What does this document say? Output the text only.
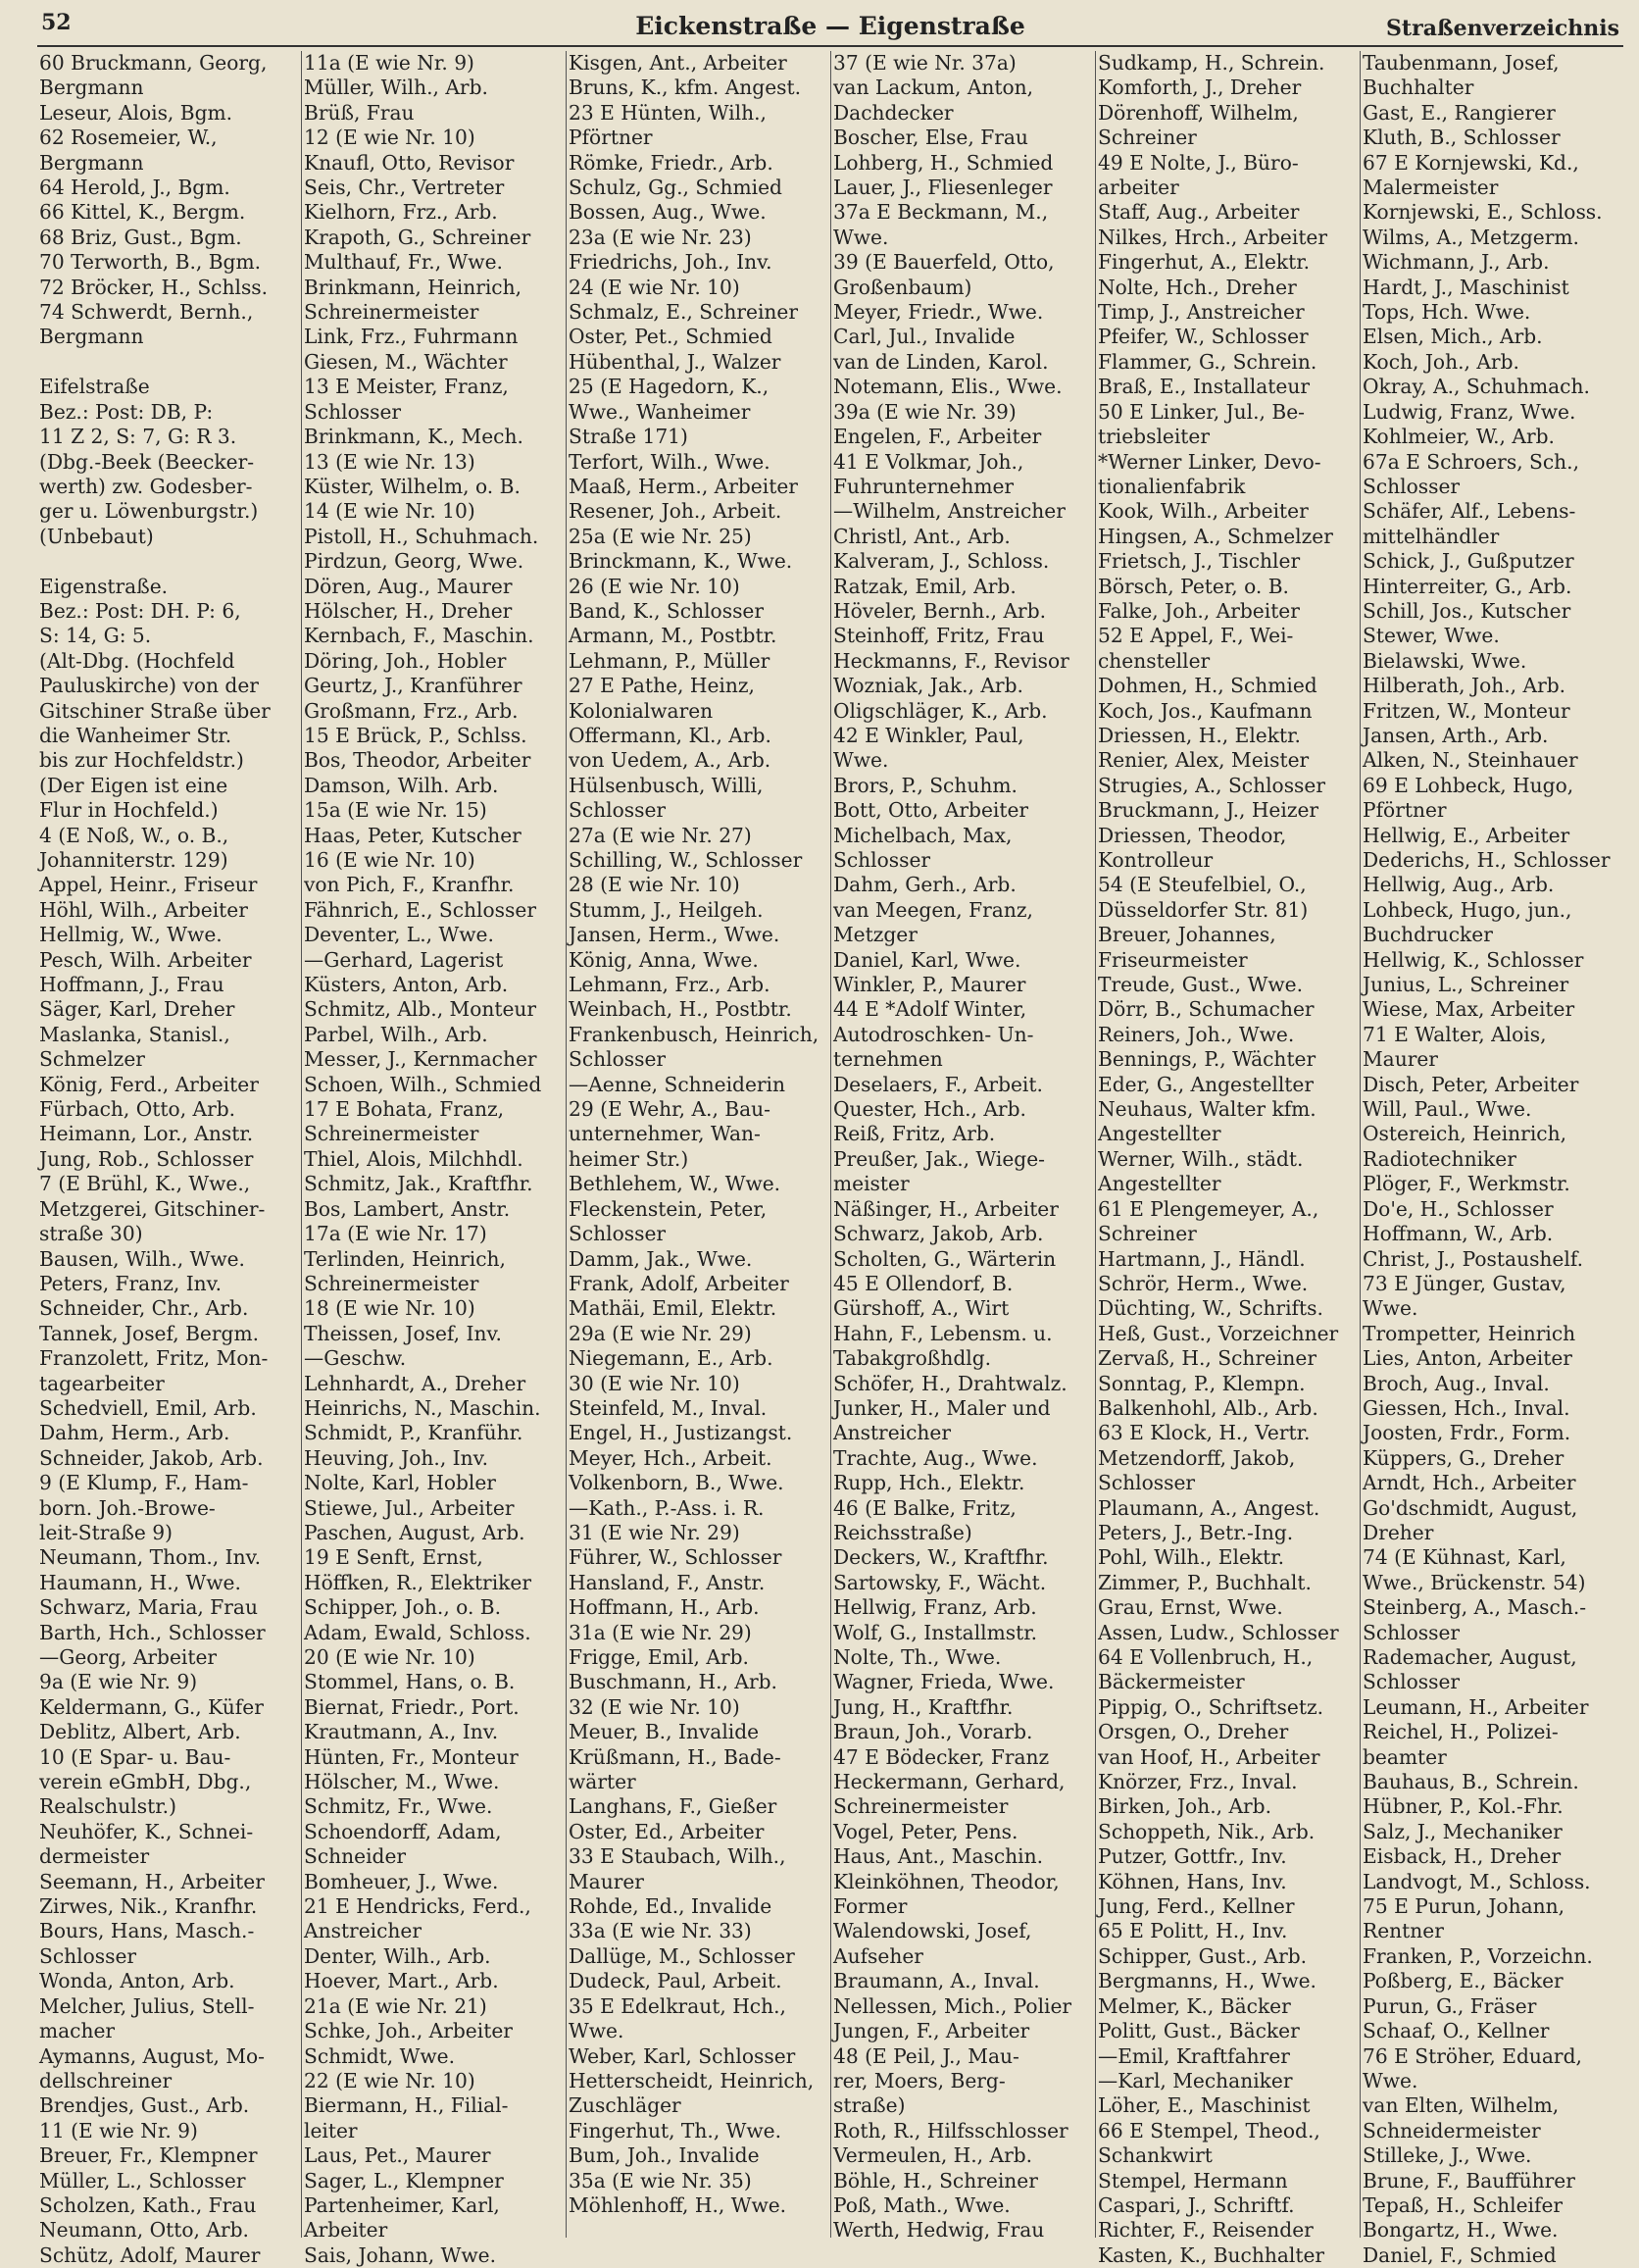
52	Eickenstraße — Eigenstraße	Straßenverzeichnis
60 Bruckmann, Georg,
Bergmann
Leseur, Alois, Bgm.
62 Rosemeier, W.,
Bergmann
64 Herold, J., Bgm.
66 Kittel, K., Bergm.
68 Briz, Gust., Bgm.
70 Terworth, B., Bgm.
72 Bröcker, H., Schlss.
74 Schwerdt, Bernh.,
Bergmann

Eifelstraße
Bez.: Post: DB, P:
11 Z 2, S: 7, G: R 3.
(Dbg.-Beek (Beecker-
werth) zw. Godesber-
ger u. Löwenburgstr.)
(Unbebaut)

Eigenstraße.
Bez.: Post: DH. P: 6,
S: 14, G: 5.
(Alt-Dbg. (Hochfeld
Pauluskirche) von der
Gitschiner Straße über
die Wanheimer Str.
bis zur Hochfeldstr.)
(Der Eigen ist eine
Flur in Hochfeld.)
4 (E Noß, W., o. B.,
Johanniterstr. 129)
Appel, Heinr., Friseur
Höhl, Wilh., Arbeiter
Hellmig, W., Wwe.
Pesch, Wilh. Arbeiter
Hoffmann, J., Frau
Säger, Karl, Dreher
Maslanka, Stanisl.,
Schmelzer
König, Ferd., Arbeiter
Fürbach, Otto, Arb.
Heimann, Lor., Anstr.
Jung, Rob., Schlosser
7 (E Brühl, K., Wwe.,
Metzgerei, Gitschiner-
straße 30)
Bausen, Wilh., Wwe.
Peters, Franz, Inv.
Schneider, Chr., Arb.
Tannek, Josef, Bergm.
Franzolett, Fritz, Mon-
tagearbeiter
Schedviell, Emil, Arb.
Dahm, Herm., Arb.
Schneider, Jakob, Arb.
9 (E Klump, F., Ham-
born. Joh.-Browe-
leit-Straße 9)
Neumann, Thom., Inv.
Haumann, H., Wwe.
Schwarz, Maria, Frau
Barth, Hch., Schlosser
—Georg, Arbeiter
9a (E wie Nr. 9)
Keldermann, G., Küfer
Deblitz, Albert, Arb.
10 (E Spar- u. Bau-
verein eGmbH, Dbg.,
Realschulstr.)
Neuhöfer, K., Schnei-
dermeister
Seemann, H., Arbeiter
Zirwes, Nik., Kranfhr.
Bours, Hans, Masch.-
Schlosser
Wonda, Anton, Arb.
Melcher, Julius, Stell-
macher
Aymanns, August, Mo-
dellschreiner
Brendjes, Gust., Arb.
11 (E wie Nr. 9)
Breuer, Fr., Klempner
Müller, L., Schlosser
Scholzen, Kath., Frau
Neumann, Otto, Arb.
Schütz, Adolf, Maurer
11a (E wie Nr. 9)
Müller, Wilh., Arb.
Brüß, Frau
12 (E wie Nr. 10)
Knaufl, Otto, Revisor
Seis, Chr., Vertreter
Kielhorn, Frz., Arb.
Krapoth, G., Schreiner
Multhauf, Fr., Wwe.
Brinkmann, Heinrich,
Schreinermeister
Link, Frz., Fuhrmann
Giesen, M., Wächter
13 E Meister, Franz,
Schlosser
Brinkmann, K., Mech.
13 (E wie Nr. 13)
Küster, Wilhelm, o. B.
14 (E wie Nr. 10)
Pistoll, H., Schuhmach.
Pirdzun, Georg, Wwe.
Dören, Aug., Maurer
Hölscher, H., Dreher
Kernbach, F., Maschin.
Döring, Joh., Hobler
Geurtz, J., Kranführer
Großmann, Frz., Arb.
15 E Brück, P., Schlss.
Bos, Theodor, Arbeiter
Damson, Wilh. Arb.
15a (E wie Nr. 15)
Haas, Peter, Kutscher
16 (E wie Nr. 10)
von Pich, F., Kranfhr.
Fähnrich, E., Schlosser
Deventer, L., Wwe.
—Gerhard, Lagerist
Küsters, Anton, Arb.
Schmitz, Alb., Monteur
Parbel, Wilh., Arb.
Messer, J., Kernmacher
Schoen, Wilh., Schmied
17 E Bohata, Franz,
Schreinermeister
Thiel, Alois, Milchhdl.
Schmitz, Jak., Kraftfhr.
Bos, Lambert, Anstr.
17a (E wie Nr. 17)
Terlinden, Heinrich,
Schreinermeister
18 (E wie Nr. 10)
Theissen, Josef, Inv.
—Geschw.
Lehnhardt, A., Dreher
Heinrichs, N., Maschin.
Schmidt, P., Kranführ.
Heuving, Joh., Inv.
Nolte, Karl, Hobler
Stiewe, Jul., Arbeiter
Paschen, August, Arb.
19 E Senft, Ernst,
Höffken, R., Elektriker
Schipper, Joh., o. B.
Adam, Ewald, Schloss.
20 (E wie Nr. 10)
Stommel, Hans, o. B.
Biernat, Friedr., Port.
Krautmann, A., Inv.
Hünten, Fr., Monteur
Hölscher, M., Wwe.
Schmitz, Fr., Wwe.
Schoendorff, Adam,
Schneider
Bomheuer, J., Wwe.
21 E Hendricks, Ferd.,
Anstreicher
Denter, Wilh., Arb.
Hoever, Mart., Arb.
21a (E wie Nr. 21)
Schke, Joh., Arbeiter
Schmidt, Wwe.
22 (E wie Nr. 10)
Biermann, H., Filial-
leiter
Laus, Pet., Maurer
Sager, L., Klempner
Partenheimer, Karl,
Arbeiter
Sais, Johann, Wwe.
Kisgen, Ant., Arbeiter
Bruns, K., kfm. Angest.
23 E Hünten, Wilh.,
Pförtner
Römke, Friedr., Arb.
Schulz, Gg., Schmied
Bossen, Aug., Wwe.
23a (E wie Nr. 23)
Friedrichs, Joh., Inv.
24 (E wie Nr. 10)
Schmalz, E., Schreiner
Oster, Pet., Schmied
Hübenthal, J., Walzer
25 (E Hagedorn, K.,
Wwe., Wanheimer
Straße 171)
Terfort, Wilh., Wwe.
Maaß, Herm., Arbeiter
Resener, Joh., Arbeit.
25a (E wie Nr. 25)
Brinckmann, K., Wwe.
26 (E wie Nr. 10)
Band, K., Schlosser
Armann, M., Postbtr.
Lehmann, P., Müller
27 E Pathe, Heinz,
Kolonialwaren
Offermann, Kl., Arb.
von Uedem, A., Arb.
Hülsenbusch, Willi,
Schlosser
27a (E wie Nr. 27)
Schilling, W., Schlosser
28 (E wie Nr. 10)
Stumm, J., Heilgeh.
Jansen, Herm., Wwe.
König, Anna, Wwe.
Lehmann, Frz., Arb.
Weinbach, H., Postbtr.
Frankenbusch, Heinrich,
Schlosser
—Aenne, Schneiderin
29 (E Wehr, A., Bau-
unternehmer, Wan-
heimer Str.)
Bethlehem, W., Wwe.
Fleckenstein, Peter,
Schlosser
Damm, Jak., Wwe.
Frank, Adolf, Arbeiter
Mathäi, Emil, Elektr.
29a (E wie Nr. 29)
Niegemann, E., Arb.
30 (E wie Nr. 10)
Steinfeld, M., Inval.
Engel, H., Justizangst.
Meyer, Hch., Arbeit.
Volkenborn, B., Wwe.
—Kath., P.-Ass. i. R.
31 (E wie Nr. 29)
Führer, W., Schlosser
Hansland, F., Anstr.
Hoffmann, H., Arb.
31a (E wie Nr. 29)
Frigge, Emil, Arb.
Buschmann, H., Arb.
32 (E wie Nr. 10)
Meuer, B., Invalide
Krüßmann, H., Bade-
wärter
Langhans, F., Gießer
Oster, Ed., Arbeiter
33 E Staubach, Wilh.,
Maurer
Rohde, Ed., Invalide
33a (E wie Nr. 33)
Dallüge, M., Schlosser
Dudeck, Paul, Arbeit.
35 E Edelkraut, Hch.,
Wwe.
Weber, Karl, Schlosser
Hetterscheidt, Heinrich,
Zuschläger
Fingerhut, Th., Wwe.
Bum, Joh., Invalide
35a (E wie Nr. 35)
Möhlenhoff, H., Wwe.
37 (E wie Nr. 37a)
van Lackum, Anton,
Dachdecker
Boscher, Else, Frau
Lohberg, H., Schmied
Lauer, J., Fliesenleger
37a E Beckmann, M.,
Wwe.
39 (E Bauerfeld, Otto,
Großenbaum)
Meyer, Friedr., Wwe.
Carl, Jul., Invalide
van de Linden, Karol.
Notemann, Elis., Wwe.
39a (E wie Nr. 39)
Engelen, F., Arbeiter
41 E Volkmar, Joh.,
Fuhrunternehmer
—Wilhelm, Anstreicher
Christl, Ant., Arb.
Kalveram, J., Schloss.
Ratzak, Emil, Arb.
Höveler, Bernh., Arb.
Steinhoff, Fritz, Frau
Heckmanns, F., Revisor
Wozniak, Jak., Arb.
Oligschläger, K., Arb.
42 E Winkler, Paul,
Wwe.
Brors, P., Schuhm.
Bott, Otto, Arbeiter
Michelbach, Max,
Schlosser
Dahm, Gerh., Arb.
van Meegen, Franz,
Metzger
Daniel, Karl, Wwe.
Winkler, P., Maurer
44 E *Adolf Winter,
Autodroschken- Un-
ternehmen
Deselaers, F., Arbeit.
Quester, Hch., Arb.
Reiß, Fritz, Arb.
Preußer, Jak., Wiege-
meister
Näßinger, H., Arbeiter
Schwarz, Jakob, Arb.
Scholten, G., Wärterin
45 E Ollendorf, B.
Gürshoff, A., Wirt
Hahn, F., Lebensm. u.
Tabakgroßhdlg.
Schöfer, H., Drahtwalz.
Junker, H., Maler und
Anstreicher
Trachte, Aug., Wwe.
Rupp, Hch., Elektr.
46 (E Balke, Fritz,
Reichsstraße)
Deckers, W., Kraftfhr.
Sartowsky, F., Wächt.
Hellwig, Franz, Arb.
Wolf, G., Installmstr.
Nolte, Th., Wwe.
Wagner, Frieda, Wwe.
Jung, H., Kraftfhr.
Braun, Joh., Vorarb.
47 E Bödecker, Franz
Heckermann, Gerhard,
Schreinermeister
Vogel, Peter, Pens.
Haus, Ant., Maschin.
Kleinköhnen, Theodor,
Former
Walendowski, Josef,
Aufseher
Braumann, A., Inval.
Nellessen, Mich., Polier
Jungen, F., Arbeiter
48 (E Peil, J., Mau-
rer, Moers, Berg-
straße)
Roth, R., Hilfsschlosser
Vermeulen, H., Arb.
Böhle, H., Schreiner
Poß, Math., Wwe.
Werth, Hedwig, Frau
Sudkamp, H., Schrein.
Komforth, J., Dreher
Dörenhoff, Wilhelm,
Schreiner
49 E Nolte, J., Büro-
arbeiter
Staff, Aug., Arbeiter
Nilkes, Hrch., Arbeiter
Fingerhut, A., Elektr.
Nolte, Hch., Dreher
Timp, J., Anstreicher
Pfeifer, W., Schlosser
Flammer, G., Schrein.
Braß, E., Installateur
50 E Linker, Jul., Be-
triebsleiter
*Werner Linker, Devo-
tionalienfabrik
Kook, Wilh., Arbeiter
Hingsen, A., Schmelzer
Frietsch, J., Tischler
Börsch, Peter, o. B.
Falke, Joh., Arbeiter
52 E Appel, F., Wei-
chensteller
Dohmen, H., Schmied
Koch, Jos., Kaufmann
Driessen, H., Elektr.
Renier, Alex, Meister
Strugies, A., Schlosser
Bruckmann, J., Heizer
Driessen, Theodor,
Kontrolleur
54 (E Steufelbiel, O.,
Düsseldorfer Str. 81)
Breuer, Johannes,
Friseurmeister
Treude, Gust., Wwe.
Dörr, B., Schumacher
Reiners, Joh., Wwe.
Bennings, P., Wächter
Eder, G., Angestellter
Neuhaus, Walter kfm.
Angestellter
Werner, Wilh., städt.
Angestellter
61 E Plengemeyer, A.,
Schreiner
Hartmann, J., Händl.
Schrör, Herm., Wwe.
Düchting, W., Schrifts.
Heß, Gust., Vorzeichner
Zervaß, H., Schreiner
Sonntag, P., Klempn.
Balkenhohl, Alb., Arb.
63 E Klock, H., Vertr.
Metzendorff, Jakob,
Schlosser
Plaumann, A., Angest.
Peters, J., Betr.-Ing.
Pohl, Wilh., Elektr.
Zimmer, P., Buchhalt.
Grau, Ernst, Wwe.
Assen, Ludw., Schlosser
64 E Vollenbruch, H.,
Bäckermeister
Pippig, O., Schriftsetz.
Orsgen, O., Dreher
van Hoof, H., Arbeiter
Knörzer, Frz., Inval.
Birken, Joh., Arb.
Schoppeth, Nik., Arb.
Putzer, Gottfr., Inv.
Köhnen, Hans, Inv.
Jung, Ferd., Kellner
65 E Politt, H., Inv.
Schipper, Gust., Arb.
Bergmanns, H., Wwe.
Melmer, K., Bäcker
Politt, Gust., Bäcker
—Emil, Kraftfahrer
—Karl, Mechaniker
Löher, E., Maschinist
66 E Stempel, Theod.,
Schankwirt
Stempel, Hermann
Caspari, J., Schriftf.
Richter, F., Reisender
Kasten, K., Buchhalter
Taubenmann, Josef,
Buchhalter
Gast, E., Rangierer
Kluth, B., Schlosser
67 E Kornjewski, Kd.,
Malermeister
Kornjewski, E., Schloss.
Wilms, A., Metzgerm.
Wichmann, J., Arb.
Hardt, J., Maschinist
Tops, Hch. Wwe.
Elsen, Mich., Arb.
Koch, Joh., Arb.
Okray, A., Schuhmach.
Ludwig, Franz, Wwe.
Kohlmeier, W., Arb.
67a E Schroers, Sch.,
Schlosser
Schäfer, Alf., Lebens-
mittelhändler
Schick, J., Gußputzer
Hinterreiter, G., Arb.
Schill, Jos., Kutscher
Stewer, Wwe.
Bielawski, Wwe.
Hilberath, Joh., Arb.
Fritzen, W., Monteur
Jansen, Arth., Arb.
Alken, N., Steinhauer
69 E Lohbeck, Hugo,
Pförtner
Hellwig, E., Arbeiter
Dederichs, H., Schlosser
Hellwig, Aug., Arb.
Lohbeck, Hugo, jun.,
Buchdrucker
Hellwig, K., Schlosser
Junius, L., Schreiner
Wiese, Max, Arbeiter
71 E Walter, Alois,
Maurer
Disch, Peter, Arbeiter
Will, Paul., Wwe.
Ostereich, Heinrich,
Radiotechniker
Plöger, F., Werkmstr.
Do'e, H., Schlosser
Hoffmann, W., Arb.
Christ, J., Postaushelf.
73 E Jünger, Gustav,
Wwe.
Trompetter, Heinrich
Lies, Anton, Arbeiter
Broch, Aug., Inval.
Giessen, Hch., Inval.
Joosten, Frdr., Form.
Küppers, G., Dreher
Arndt, Hch., Arbeiter
Go'dschmidt, August,
Dreher
74 (E Kühnast, Karl,
Wwe., Brückenstr. 54)
Steinberg, A., Masch.-
Schlosser
Rademacher, August,
Schlosser
Leumann, H., Arbeiter
Reichel, H., Polizei-
beamter
Bauhaus, B., Schrein.
Hübner, P., Kol.-Fhr.
Salz, J., Mechaniker
Eisback, H., Dreher
Landvogt, M., Schloss.
75 E Purun, Johann,
Rentner
Franken, P., Vorzeichn.
Poßberg, E., Bäcker
Purun, G., Fräser
Schaaf, O., Kellner
76 E Ströher, Eduard,
Wwe.
van Elten, Wilhelm,
Schneidermeister
Stilleke, J., Wwe.
Brune, F., Baufführer
Tepaß, H., Schleifer
Bongartz, H., Wwe.
Daniel, F., Schmied
